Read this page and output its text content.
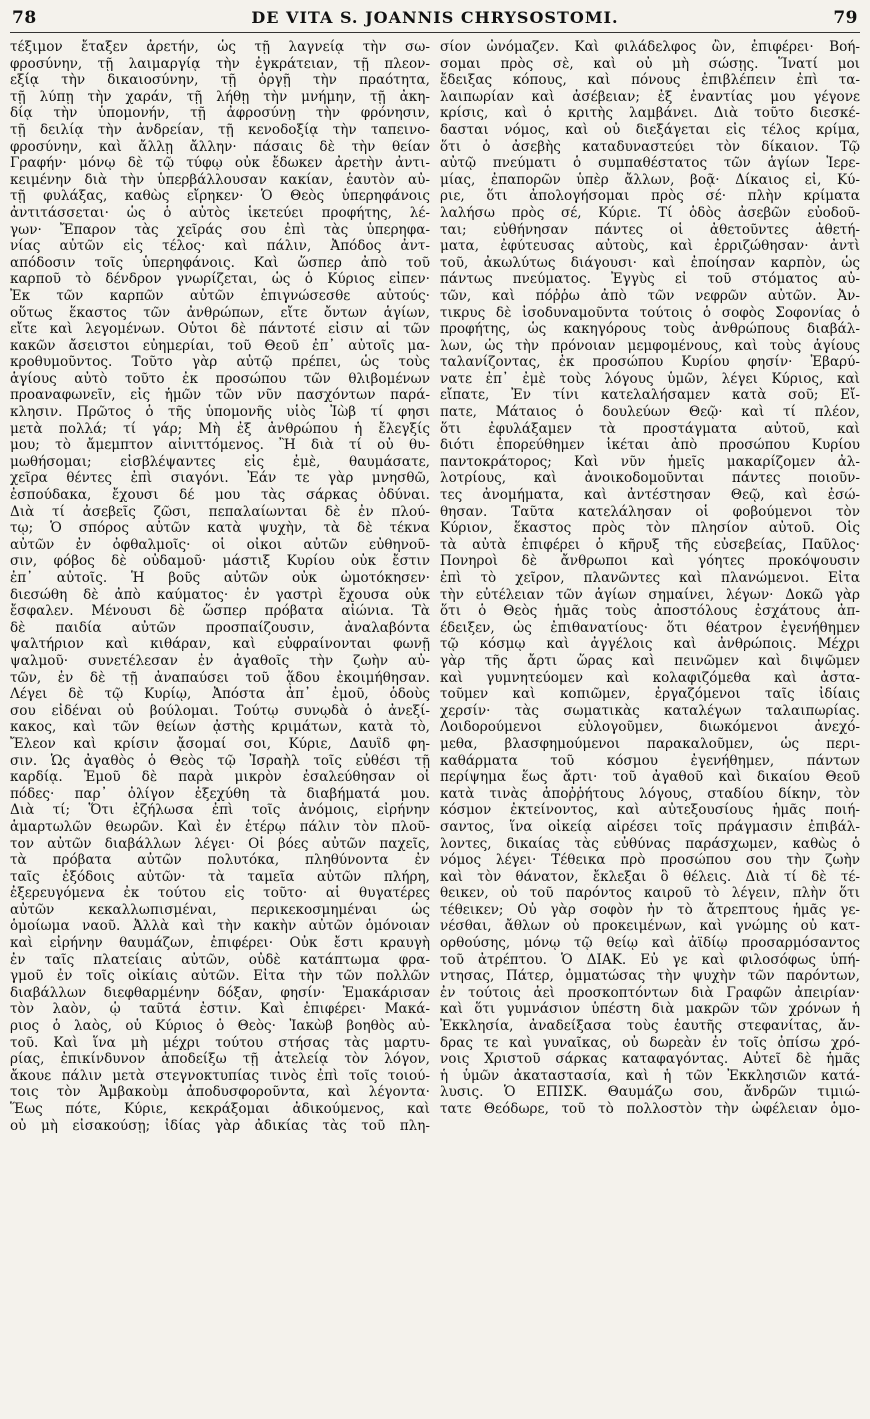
78	DE VITA S. JOANNIS CHRYSOSTOMI.	79
τέξιμον ἔταξεν ἀρετήν, ὡς τῇ λαγνείᾳ τὴν σω-
φροσύνην, τῇ λαιμαργίᾳ τὴν ἐγκράτειαν, τῇ πλεον-
εξίᾳ τὴν δικαιοσύνην, τῇ ὀργῇ τὴν πραότητα,
τῇ λύπῃ τὴν χαράν, τῇ λήθῃ τὴν μνήμην, τῇ ἀκη-
δίᾳ τὴν ὑπομονήν, τῇ ἀφροσύνῃ τὴν φρόνησιν,
τῇ δειλίᾳ τὴν ἀνδρείαν, τῇ κενοδοξίᾳ τὴν ταπεινο-
φροσύνην, καὶ ἄλλῃ ἄλλην· πάσαις δὲ τὴν θείαν
Γραφήν· μόνῳ δὲ τῷ τύφῳ οὐκ ἔδωκεν ἀρετὴν ἀντι-
κειμένην διὰ τὴν ὑπερβάλλουσαν κακίαν, ἑαυτὸν αὐ-
τῇ φυλάξας, καθὼς εἴρηκεν· Ὁ Θεὸς ὑπερηφάνοις
ἀντιτάσσεται· ὡς ὁ αὐτὸς ἱκετεύει προφήτης, λέ-
γων· Ἔπαρον τὰς χεῖράς σου ἐπὶ τὰς ὑπερηφα-
νίας αὐτῶν εἰς τέλος· καὶ πάλιν, Ἀπόδος ἀντ-
απόδοσιν τοῖς ὑπερηφάνοις. Καὶ ὥσπερ ἀπὸ τοῦ
καρποῦ τὸ δένδρον γνωρίζεται, ὡς ὁ Κύριος εἶπεν·
Ἐκ τῶν καρπῶν αὐτῶν ἐπιγνώσεσθε αὐτούς·
οὕτως ἕκαστος τῶν ἀνθρώπων, εἴτε ὄντων ἁγίων,
εἴτε καὶ λεγομένων. Οὗτοι δὲ πάντοτέ εἰσιν αἱ τῶν
κακῶν ἄσειστοι εὐημερίαι, τοῦ Θεοῦ ἐπ᾽ αὐτοῖς μα-
κροθυμοῦντος. Τοῦτο γὰρ αὐτῷ πρέπει, ὡς τοὺς
ἁγίους αὐτὸ τοῦτο ἐκ προσώπου τῶν θλιβομένων
προαναφωνεῖν, εἰς ἡμῶν τῶν νῦν πασχόντων παρά-
κλησιν. Πρῶτος ὁ τῆς ὑπομονῆς υἱὸς Ἰὼβ τί φησι
μετὰ πολλά; τί γάρ; Μὴ ἐξ ἀνθρώπου ἡ ἔλεγξίς
μου; τὸ ἄμεμπτον αἰνιττόμενος. Ἢ διὰ τί οὐ θυ-
μωθήσομαι; εἰσβλέψαντες εἰς ἐμὲ, θαυμάσατε,
χεῖρα θέντες ἐπὶ σιαγόνι. Ἐάν τε γὰρ μνησθῶ,
ἐσπούδακα, ἔχουσι δέ μου τὰς σάρκας ὀδύναι.
Διὰ τί ἀσεβεῖς ζῶσι, πεπαλαίωνται δὲ ἐν πλού-
τῳ; Ὁ σπόρος αὐτῶν κατὰ ψυχὴν, τὰ δὲ τέκνα
αὐτῶν ἐν ὀφθαλμοῖς· οἱ οἶκοι αὐτῶν εὐθηνοῦ-
σιν, φόβος δὲ οὐδαμοῦ· μάστιξ Κυρίου οὐκ ἔστιν
ἐπ᾽ αὐτοῖς. Ἡ βοῦς αὐτῶν οὐκ ὠμοτόκησεν·
διεσώθη δὲ ἀπὸ καύματος· ἐν γαστρὶ ἔχουσα οὐκ
ἔσφαλεν. Μένουσι δὲ ὥσπερ πρόβατα αἰώνια. Τὰ
δὲ παιδία αὐτῶν προσπαίζουσιν, ἀναλαβόντα
ψαλτήριον καὶ κιθάραν, καὶ εὐφραίνονται φωνῇ
ψαλμοῦ· συνετέλεσαν ἐν ἀγαθοῖς τὴν ζωὴν αὐ-
τῶν, ἐν δὲ τῇ ἀναπαύσει τοῦ ᾅδου ἐκοιμήθησαν.
Λέγει δὲ τῷ Κυρίῳ, Ἀπόστα ἀπ᾽ ἐμοῦ, ὁδοὺς
σου εἰδέναι οὐ βούλομαι. Τούτῳ συνῳδὰ ὁ ἀνεξί-
κακος, καὶ τῶν θείων ᾀστὴς κριμάτων, κατὰ τὸ,
Ἔλεον καὶ κρίσιν ᾄσομαί σοι, Κύριε, Δαυῒδ φη-
σιν. Ὡς ἀγαθὸς ὁ Θεὸς τῷ Ἰσραὴλ τοῖς εὐθέσι τῇ
καρδίᾳ. Ἐμοῦ δὲ παρὰ μικρὸν ἐσαλεύθησαν οἱ
πόδες· παρ᾽ ὀλίγον ἐξεχύθη τὰ διαβήματά μου.
Διὰ τί; Ὅτι ἐζήλωσα ἐπὶ τοῖς ἀνόμοις, εἰρήνην
ἁμαρτωλῶν θεωρῶν. Καὶ ἐν ἑτέρῳ πάλιν τὸν πλοῦ-
τον αὐτῶν διαβάλλων λέγει· Οἱ βόες αὐτῶν παχεῖς,
τὰ πρόβατα αὐτῶν πολυτόκα, πληθύνοντα ἐν
ταῖς ἐξόδοις αὐτῶν· τὰ ταμεῖα αὐτῶν πλήρη,
ἐξερευγόμενα ἐκ τούτου εἰς τοῦτο· αἱ θυγατέρες
αὐτῶν κεκαλλωπισμέναι, περικεκοσμημέναι ὡς
ὁμοίωμα ναοῦ. Ἀλλὰ καὶ τὴν κακὴν αὐτῶν ὁμόνοιαν
καὶ εἰρήνην θαυμάζων, ἐπιφέρει· Οὐκ ἔστι κραυγὴ
ἐν ταῖς πλατείαις αὐτῶν, οὐδὲ κατάπτωμα φρα-
γμοῦ ἐν τοῖς οἰκίαις αὐτῶν. Εἶτα τὴν τῶν πολλῶν
διαβάλλων διεφθαρμένην δόξαν, φησίν· Ἐμακάρισαν
τὸν λαὸν, ᾧ ταῦτά ἐστιν. Καὶ ἐπιφέρει· Μακά-
ριος ὁ λαὸς, οὗ Κύριος ὁ Θεὸς· Ἰακὼβ βοηθὸς αὐ-
τοῦ. Καὶ ἵνα μὴ μέχρι τούτου στήσας τὰς μαρτυ-
ρίας, ἐπικίνδυνον ἀποδείξω τῇ ἀτελείᾳ τὸν λόγον,
ἄκουε πάλιν μετὰ στεγνοκτυπίας τινὸς ἐπὶ τοῖς τοιού-
τοις τὸν Ἀμβακοὺμ ἀποδυσφοροῦντα, καὶ λέγοντα·
Ἕως πότε, Κύριε, κεκράξομαι ἀδικούμενος, καὶ
οὐ μὴ εἰσακούσῃ; ἰδίας γὰρ ἀδικίας τὰς τοῦ πλη-
σίον ὠνόμαζεν. Καὶ φιλάδελφος ὢν, ἐπιφέρει· Βοή-
σομαι πρὸς σὲ, καὶ οὐ μὴ σώσῃς. Ἵνατί μοι
ἔδειξας κόπους, καὶ πόνους ἐπιβλέπειν ἐπὶ τα-
λαιπωρίαν καὶ ἀσέβειαν; ἐξ ἐναντίας μου γέγονε
κρίσις, καὶ ὁ κριτὴς λαμβάνει. Διὰ τοῦτο διεσκέ-
δασται νόμος, καὶ οὐ διεξάγεται εἰς τέλος κρίμα,
ὅτι ὁ ἀσεβὴς καταδυναστεύει τὸν δίκαιον. Τῷ
αὐτῷ πνεύματι ὁ συμπαθέστατος τῶν ἁγίων Ἱερε-
μίας, ἐπαπορῶν ὑπὲρ ἄλλων, βοᾷ· Δίκαιος εἶ, Κύ-
ριε, ὅτι ἀπολογήσομαι πρὸς σέ· πλὴν κρίματα
λαλήσω πρὸς σέ, Κύριε. Τί ὁδὸς ἀσεβῶν εὐοδοῦ-
ται; εὐθήνησαν πάντες οἱ ἀθετοῦντες ἀθετή-
ματα, ἐφύτευσας αὐτοὺς, καὶ ἐρριζώθησαν· ἀντὶ
τοῦ, ἀκωλύτως διάγουσι· καὶ ἐποίησαν καρπὸν, ὡς
πάντως πνεύματος. Ἐγγὺς εἶ τοῦ στόματος αὐ-
τῶν, καὶ πόῤῥω ἀπὸ τῶν νεφρῶν αὐτῶν. Ἀν-
τικρυς δὲ ἰσοδυναμοῦντα τούτοις ὁ σοφὸς Σοφονίας ὁ
προφήτης, ὡς κακηγόρους τοὺς ἀνθρώπους διαβάλ-
λων, ὡς τὴν πρόνοιαν μεμφομένους, καὶ τοὺς ἁγίους
ταλανίζοντας, ἐκ προσώπου Κυρίου φησίν· Ἐβαρύ-
νατε ἐπ᾽ ἐμὲ τοὺς λόγους ὑμῶν, λέγει Κύριος, καὶ
εἴπατε, Ἐν τίνι κατελαλήσαμεν κατὰ σοῦ; Εἴ-
πατε, Μάταιος ὁ δουλεύων Θεῷ· καὶ τί πλέον,
ὅτι ἐφυλάξαμεν τὰ προστάγματα αὐτοῦ, καὶ
διότι ἐπορεύθημεν ἱκέται ἀπὸ προσώπου Κυρίου
παντοκράτορος; Καὶ νῦν ἡμεῖς μακαρίζομεν ἀλ-
λοτρίους, καὶ ἀνοικοδομοῦνται πάντες ποιοῦν-
τες ἀνομήματα, καὶ ἀντέστησαν Θεῷ, καὶ ἐσώ-
θησαν. Ταῦτα κατελάλησαν οἱ φοβούμενοι τὸν
Κύριον, ἕκαστος πρὸς τὸν πλησίον αὐτοῦ. Οἷς
τὰ αὐτὰ ἐπιφέρει ὁ κῆρυξ τῆς εὐσεβείας, Παῦλος·
Πονηροὶ δὲ ἄνθρωποι καὶ γόητες προκόψουσιν
ἐπὶ τὸ χεῖρον, πλανῶντες καὶ πλανώμενοι. Εἶτα
τὴν εὐτέλειαν τῶν ἁγίων σημαίνει, λέγων· Δοκῶ γὰρ
ὅτι ὁ Θεὸς ἡμᾶς τοὺς ἀποστόλους ἐσχάτους ἀπ-
έδειξεν, ὡς ἐπιθανατίους· ὅτι θέατρον ἐγενήθημεν
τῷ κόσμῳ καὶ ἀγγέλοις καὶ ἀνθρώποις. Μέχρι
γὰρ τῆς ἄρτι ὥρας καὶ πεινῶμεν καὶ διψῶμεν
καὶ γυμνητεύομεν καὶ κολαφιζόμεθα καὶ ἀστα-
τοῦμεν καὶ κοπιῶμεν, ἐργαζόμενοι ταῖς ἰδίαις
χερσίν· τὰς σωματικὰς καταλέγων ταλαιπωρίας.
Λοιδορούμενοι εὐλογοῦμεν, διωκόμενοι ἀνεχό-
μεθα, βλασφημούμενοι παρακαλοῦμεν, ὡς περι-
καθάρματα τοῦ κόσμου ἐγενήθημεν, πάντων
περίψημα ἕως ἄρτι· τοῦ ἀγαθοῦ καὶ δικαίου Θεοῦ
κατὰ τινὰς ἀποῤῥήτους λόγους, σταδίου δίκην, τὸν
κόσμον ἐκτείνοντος, καὶ αὐτεξουσίους ἡμᾶς ποιή-
σαντος, ἵνα οἰκείᾳ αἱρέσει τοῖς πράγμασιν ἐπιβάλ-
λοντες, δικαίας τὰς εὐθύνας παράσχωμεν, καθὼς ὁ
νόμος λέγει· Τέθεικα πρὸ προσώπου σου τὴν ζωὴν
καὶ τὸν θάνατον, ἔκλεξαι ὃ θέλεις. Διὰ τί δὲ τέ-
θεικεν, οὐ τοῦ παρόντος καιροῦ τὸ λέγειν, πλὴν ὅτι
τέθεικεν; Οὐ γὰρ σοφὸν ἦν τὸ ἄτρεπτους ἡμᾶς γε-
νέσθαι, ἄθλων οὐ προκειμένων, καὶ γνώμης οὐ κατ-
ορθούσης, μόνῳ τῷ θείῳ καὶ ἀϊδίῳ προσαρμόσαντος
τοῦ ἀτρέπτου. Ὁ ΔΙΑΚ. Εὖ γε καὶ φιλοσόφως ὑπή-
ντησας, Πάτερ, ὀμματώσας τὴν ψυχὴν τῶν παρόντων,
ἐν τούτοις ἀεὶ προσκοπτόντων διὰ Γραφῶν ἀπειρίαν·
καὶ ὅτι γυμνάσιον ὑπέστη διὰ μακρῶν τῶν χρόνων ἡ
Ἐκκλησία, ἀναδείξασα τοὺς ἑαυτῆς στεφανίτας, ἄν-
δρας τε καὶ γυναῖκας, οὐ δωρεὰν ἐν τοῖς ὀπίσω χρό-
νοις Χριστοῦ σάρκας καταφαγόντας. Αὐτεῖ δὲ ἡμᾶς
ἡ ὑμῶν ἀκαταστασία, καὶ ἡ τῶν Ἐκκλησιῶν κατά-
λυσις. Ὁ ΕΠΙΣΚ. Θαυμάζω σου, ἄνδρῶν τιμιώ-
τατε Θεόδωρε, τοῦ τὸ πολλοστὸν τὴν ὠφέλειαν ὁμο-
